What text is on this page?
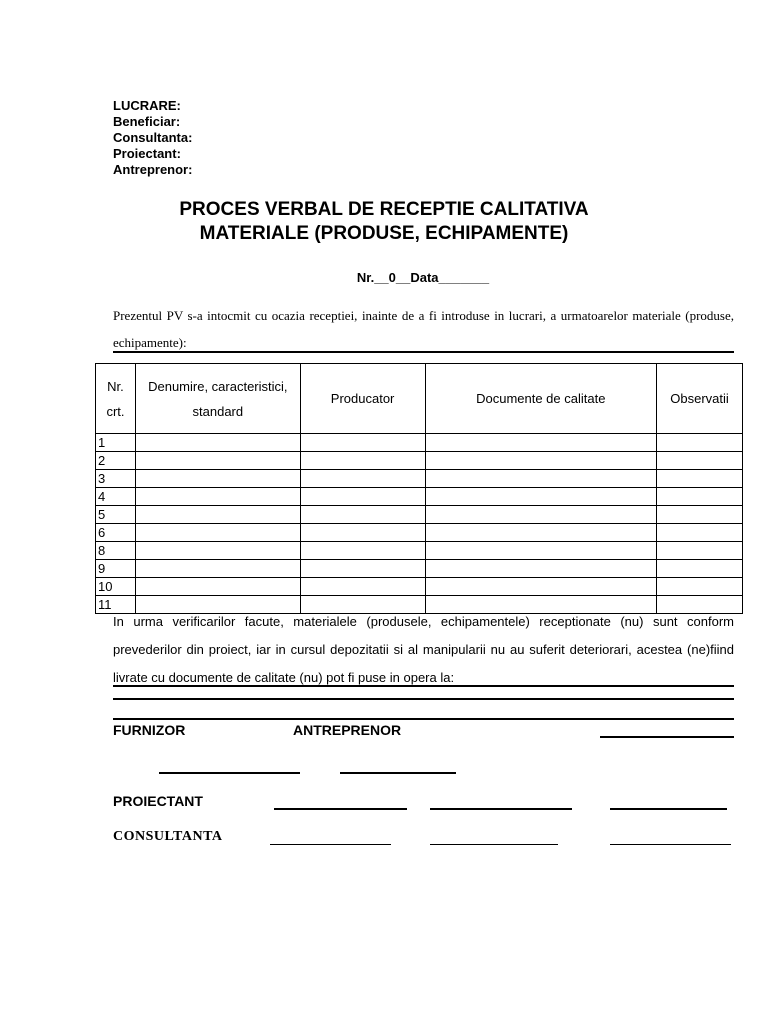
LUCRARE:
Beneficiar:
Consultanta:
Proiectant:
Antreprenor:
PROCES VERBAL DE RECEPTIE CALITATIVA
MATERIALE (PRODUSE, ECHIPAMENTE)
Nr.__0__Data_______
Prezentul PV s-a intocmit cu ocazia receptiei, inainte de a fi introduse in lucrari, a urmatoarelor materiale (produse, echipamente):
Nr. crt.	Denumire, caracteristici, standard	Producator	Documente de calitate	Observatii
1				
2				
3				
4				
5				
6				
8				
9				
10				
11				
In urma verificarilor facute, materialele (produsele, echipamentele) receptionate (nu) sunt conform prevederilor din proiect, iar in cursul depozitatii si al manipularii nu au suferit deteriorari, acestea (ne)fiind livrate cu documente de calitate (nu) pot fi puse in opera la:
FURNIZOR	ANTREPRENOR
PROIECTANT
CONSULTANTA
